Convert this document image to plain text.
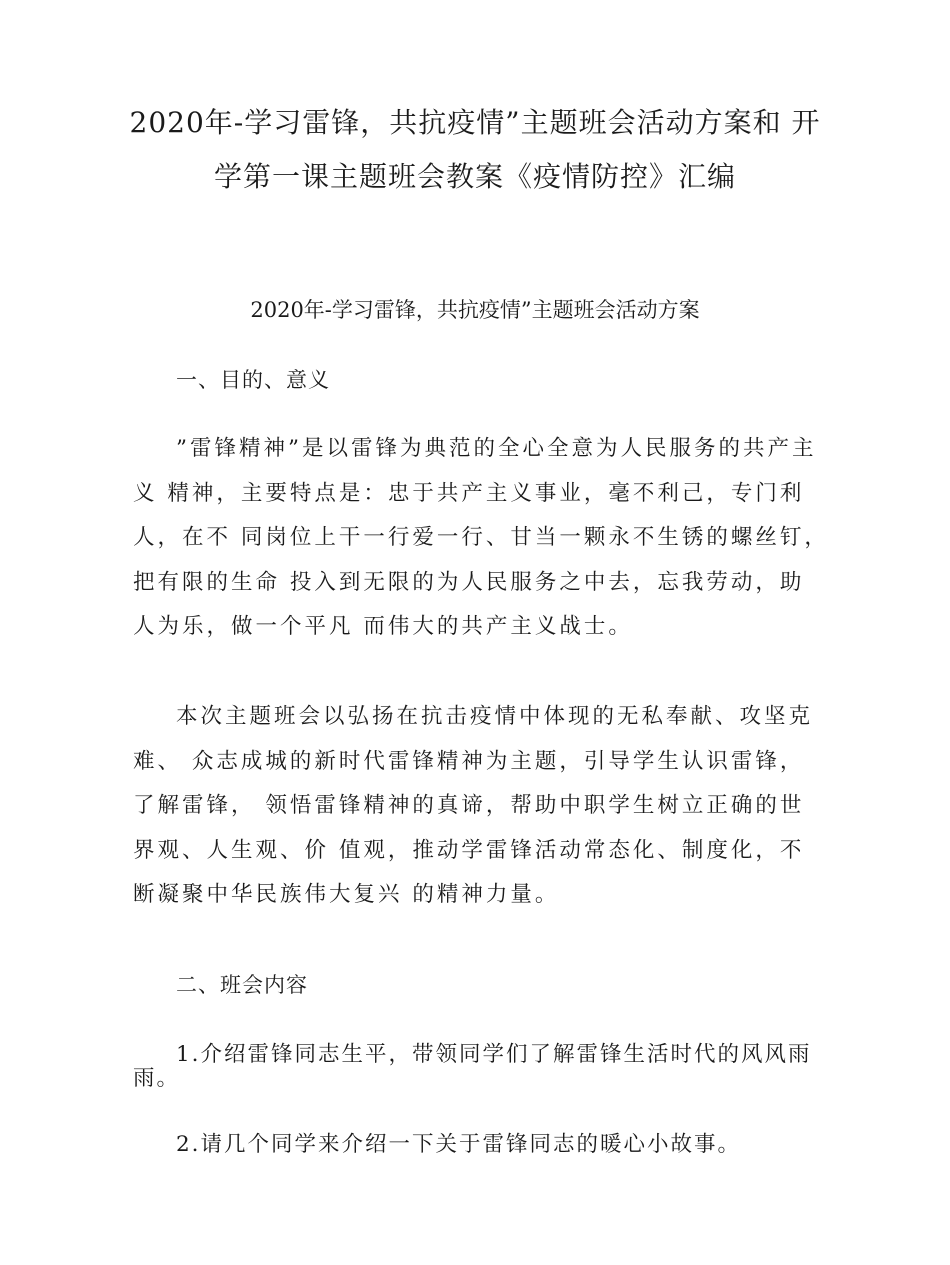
2020年-学习雷锋，共抗疫情”主题班会活动方案和 开
学第一课主题班会教案《疫情防控》汇编
2020年-学习雷锋，共抗疫情”主题班会活动方案
一、目的、意义

”雷锋精神”是以雷锋为典范的全心全意为人民服务的共产主
义 精神，主要特点是：忠于共产主义事业，毫不利己，专门利
人，在不 同岗位上干一行爱一行、甘当一颗永不生锈的螺丝钉，
把有限的生命 投入到无限的为人民服务之中去，忘我劳动，助
人为乐，做一个平凡 而伟大的共产主义战士。

本次主题班会以弘扬在抗击疫情中体现的无私奉献、攻坚克
难、 众志成城的新时代雷锋精神为主题，引导学生认识雷锋，
了解雷锋， 领悟雷锋精神的真谛，帮助中职学生树立正确的世
界观、人生观、价 值观，推动学雷锋活动常态化、制度化，不
断凝聚中华民族伟大复兴 的精神力量。

二、班会内容

1.介绍雷锋同志生平，带领同学们了解雷锋生活时代的风风雨
雨。

2.请几个同学来介绍一下关于雷锋同志的暖心小故事。
